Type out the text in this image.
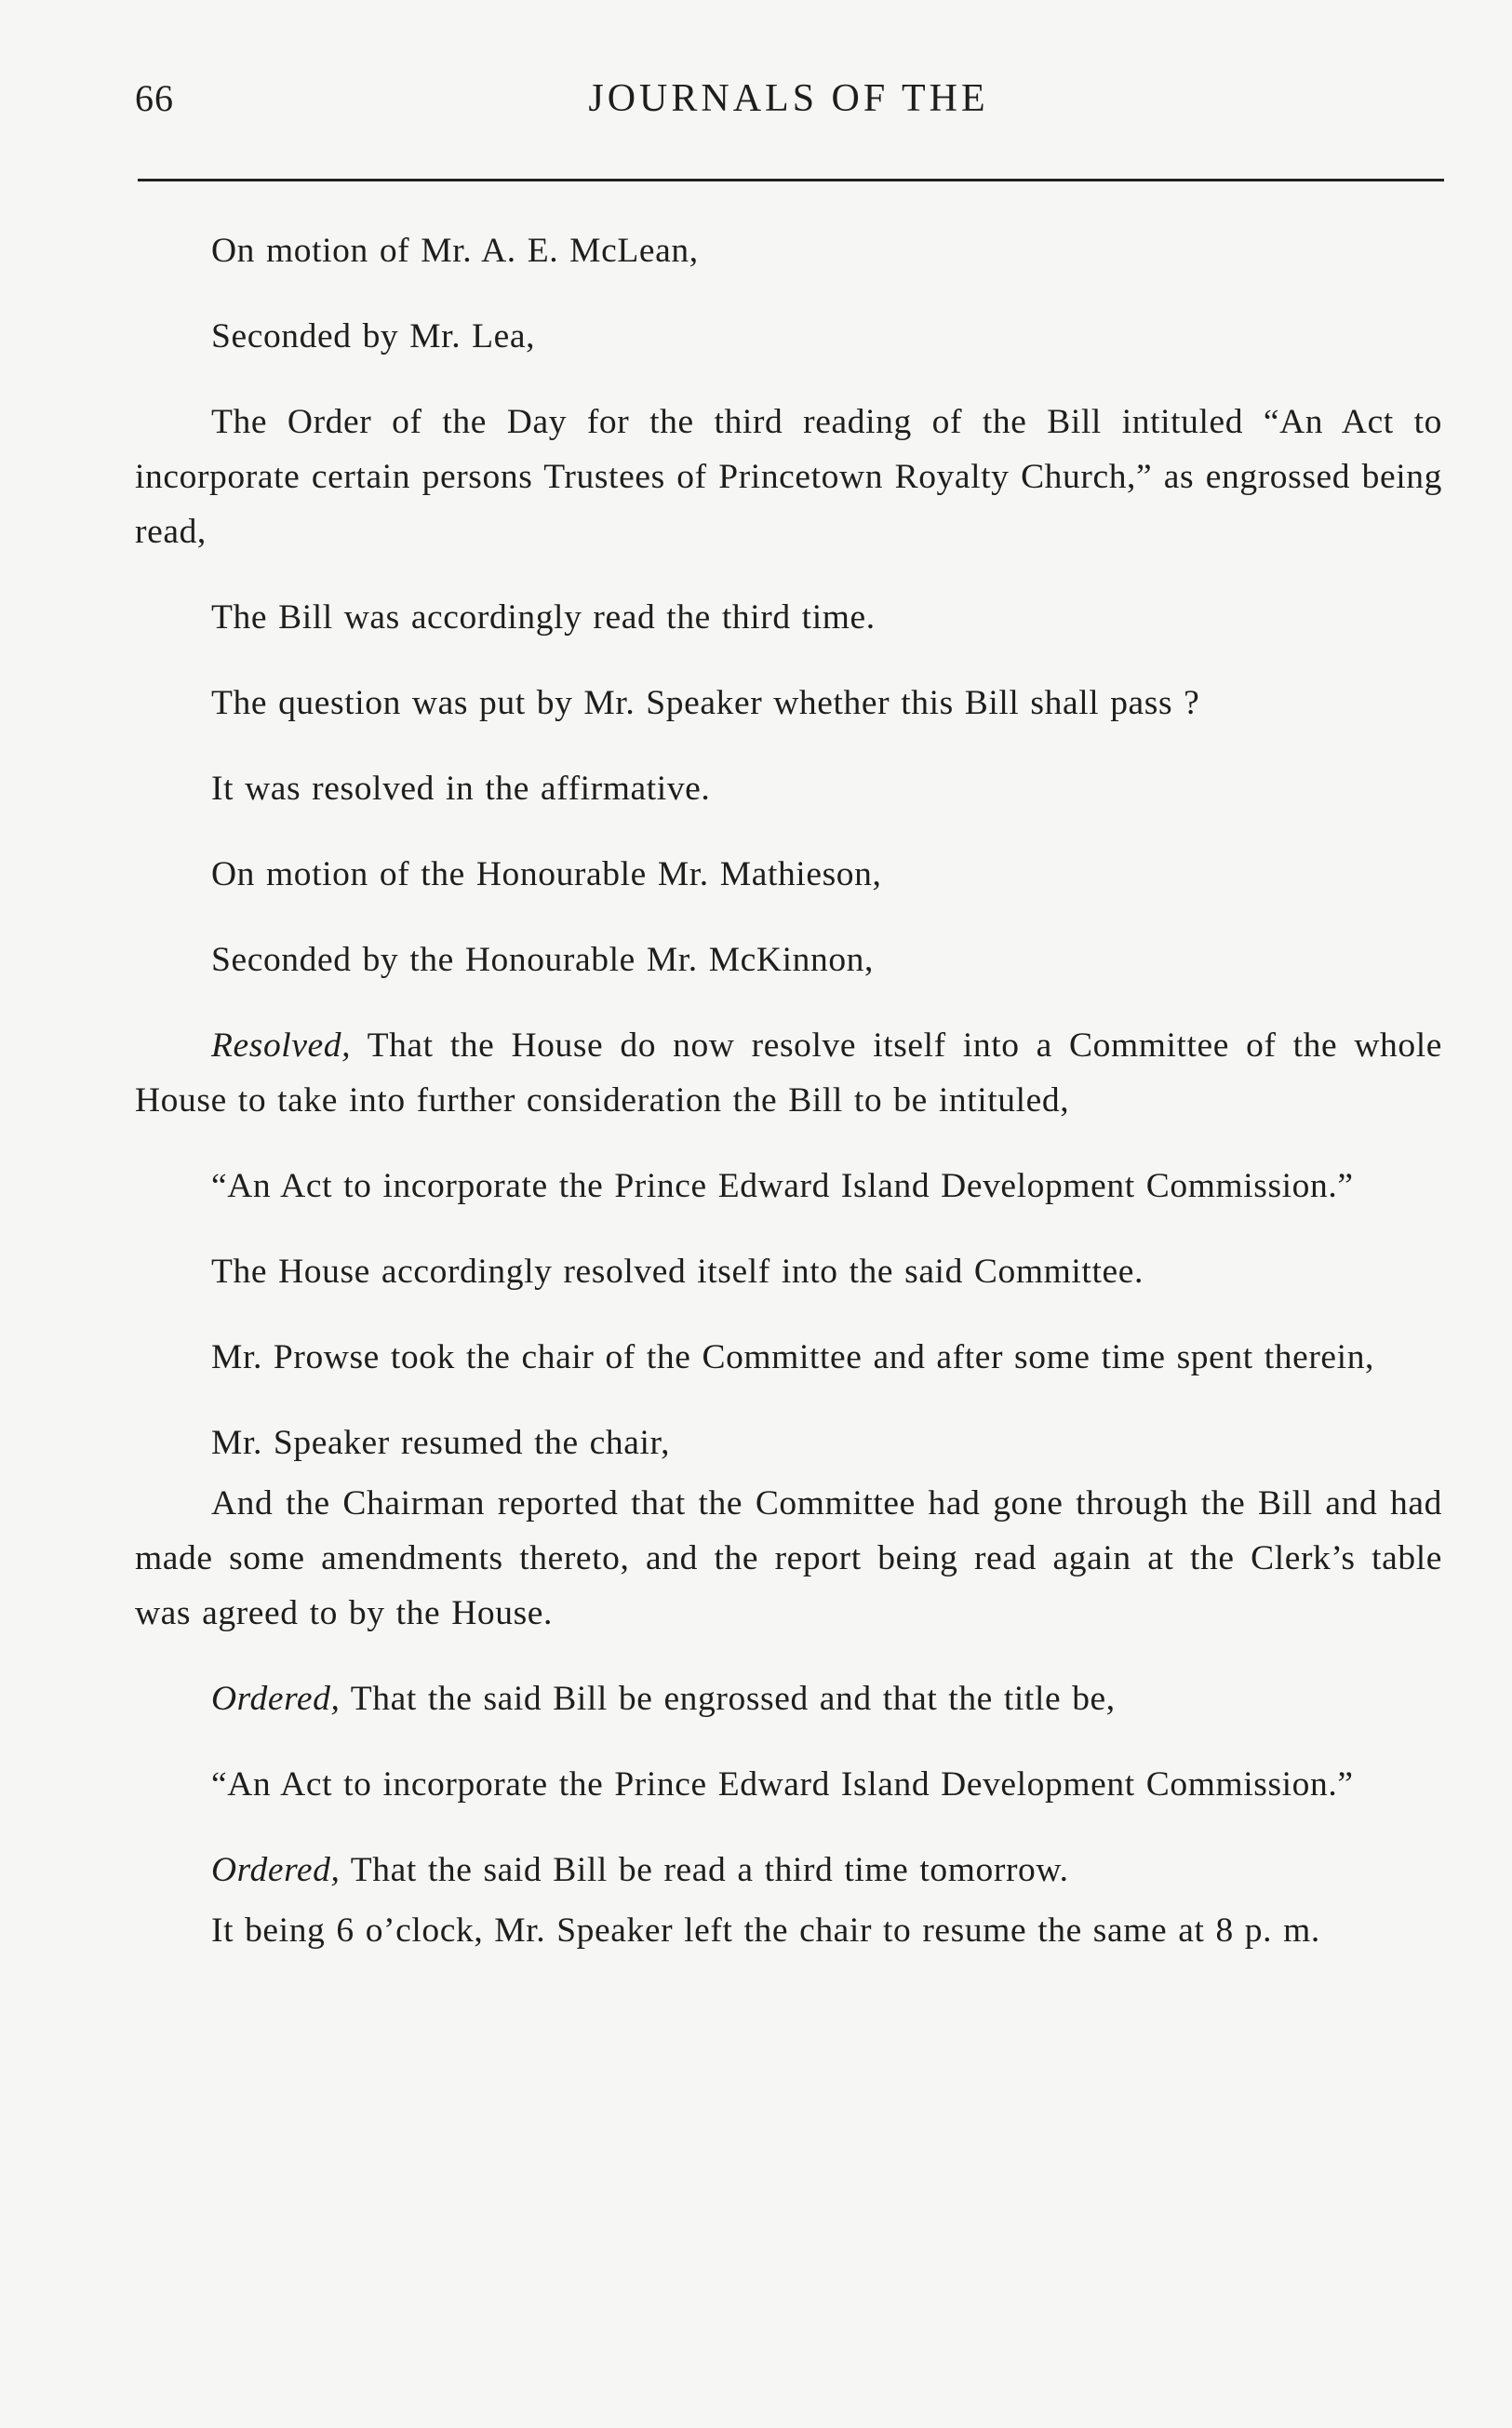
66	JOURNALS OF THE

On motion of Mr. A. E. McLean,

Seconded by Mr. Lea,

The Order of the Day for the third reading of the Bill intituled “An Act to incorporate certain persons Trustees of Princetown Royalty Church,” as engrossed being read,

The Bill was accordingly read the third time.

The question was put by Mr. Speaker whether this Bill shall pass ?

It was resolved in the affirmative.

On motion of the Honourable Mr. Mathieson,

Seconded by the Honourable Mr. McKinnon,

Resolved, That the House do now resolve itself into a Committee of the whole House to take into further consideration the Bill to be intituled,

“An Act to incorporate the Prince Edward Island Development Commission.”

The House accordingly resolved itself into the said Committee.

Mr. Prowse took the chair of the Committee and after some time spent therein,

Mr. Speaker resumed the chair,

And the Chairman reported that the Committee had gone through the Bill and had made some amendments thereto, and the report being read again at the Clerk’s table was agreed to by the House.

Ordered, That the said Bill be engrossed and that the title be,

“An Act to incorporate the Prince Edward Island Development Commission.”

Ordered, That the said Bill be read a third time tomorrow.

It being 6 o’clock, Mr. Speaker left the chair to resume the same at 8 p. m.
